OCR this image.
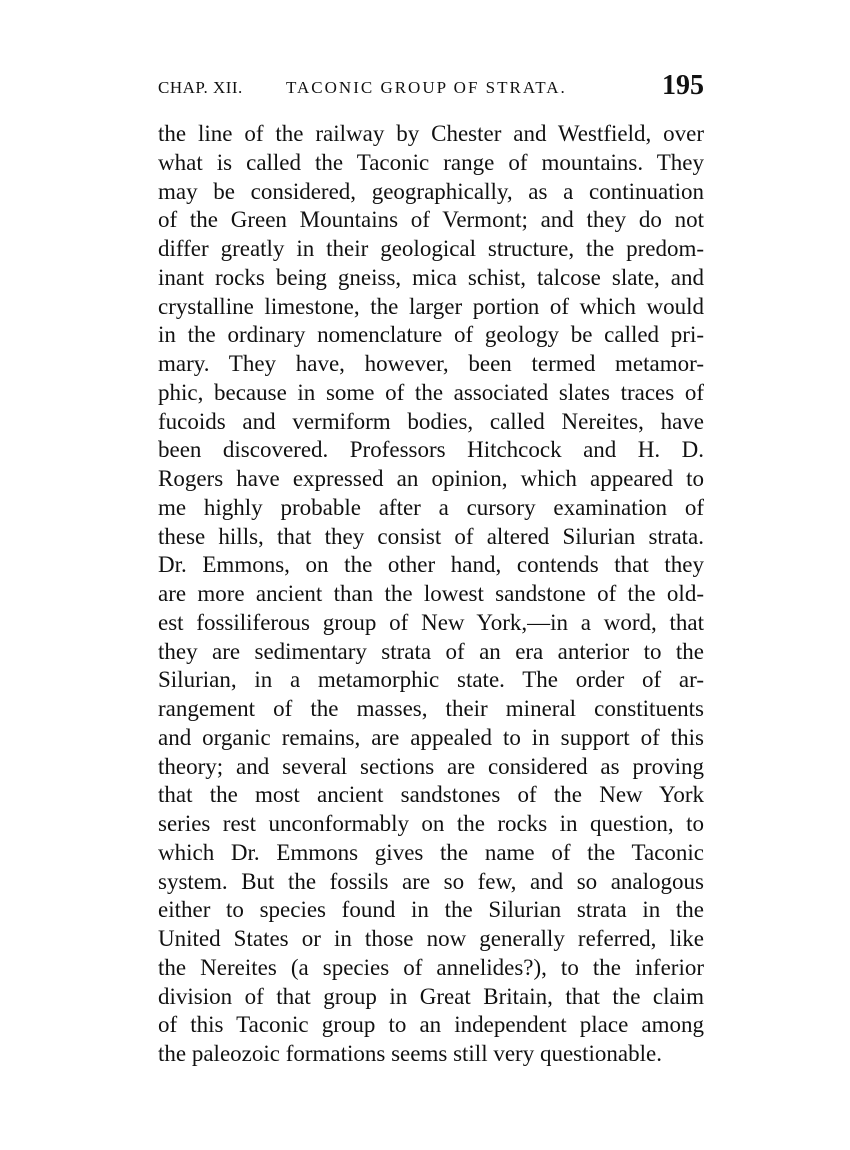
CHAP. XII.	TACONIC GROUP OF STRATA.	195
the line of the railway by Chester and Westfield, over
what is called the Taconic range of mountains. They
may be considered, geographically, as a continuation
of the Green Mountains of Vermont; and they do not
differ greatly in their geological structure, the predom-
inant rocks being gneiss, mica schist, talcose slate, and
crystalline limestone, the larger portion of which would
in the ordinary nomenclature of geology be called pri-
mary. They have, however, been termed metamor-
phic, because in some of the associated slates traces of
fucoids and vermiform bodies, called Nereites, have
been discovered. Professors Hitchcock and H. D.
Rogers have expressed an opinion, which appeared to
me highly probable after a cursory examination of
these hills, that they consist of altered Silurian strata.
Dr. Emmons, on the other hand, contends that they
are more ancient than the lowest sandstone of the old-
est fossiliferous group of New York,—in a word, that
they are sedimentary strata of an era anterior to the
Silurian, in a metamorphic state. The order of ar-
rangement of the masses, their mineral constituents
and organic remains, are appealed to in support of this
theory; and several sections are considered as proving
that the most ancient sandstones of the New York
series rest unconformably on the rocks in question, to
which Dr. Emmons gives the name of the Taconic
system. But the fossils are so few, and so analogous
either to species found in the Silurian strata in the
United States or in those now generally referred, like
the Nereites (a species of annelides?), to the inferior
division of that group in Great Britain, that the claim
of this Taconic group to an independent place among
the paleozoic formations seems still very questionable.
